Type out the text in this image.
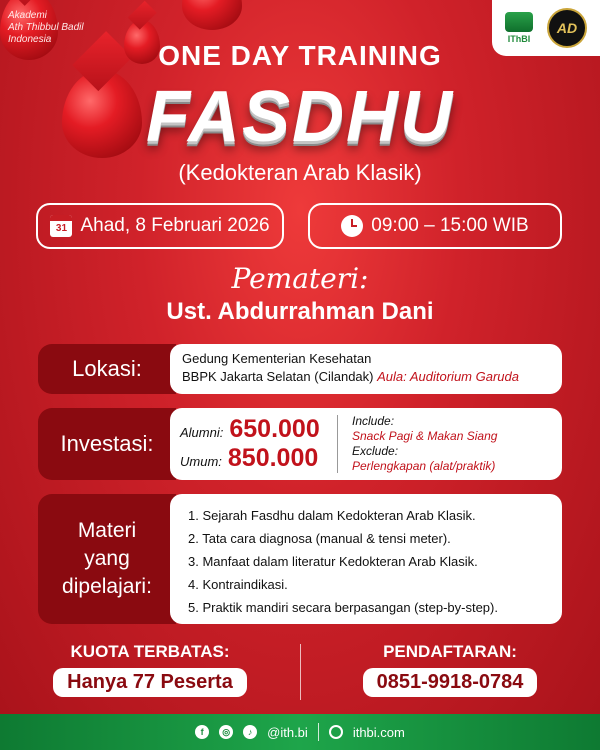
Akademi
Ath Thibbul Badil
Indonesia	IThBI
AD
ONE DAY TRAINING
FASDHU
(Kedokteran Arab Klasik)
31 Ahad, 8 Februari 2026	09:00 – 15:00 WIB
Pemateri:
Ust. Abdurrahman Dani
Lokasi:	Gedung Kementerian Kesehatan
BBPK Jakarta Selatan (Cilandak) Aula: Auditorium Garuda
Investasi:	Alumni: 650.000
Umum: 850.000
Include:
Snack Pagi & Makan Siang
Exclude:
Perlengkapan (alat/praktik)
Materi
yang
dipelajari:
1. Sejarah Fasdhu dalam Kedokteran Arab Klasik.
2. Tata cara diagnosa (manual & tensi meter).
3. Manfaat dalam literatur Kedokteran Arab Klasik.
4. Kontraindikasi.
5. Praktik mandiri secara berpasangan (step-by-step).
KUOTA TERBATAS:
Hanya 77 Peserta
PENDAFTARAN:
0851-9918-0784
f	◎	♪	@ith.bi	ithbi.com
